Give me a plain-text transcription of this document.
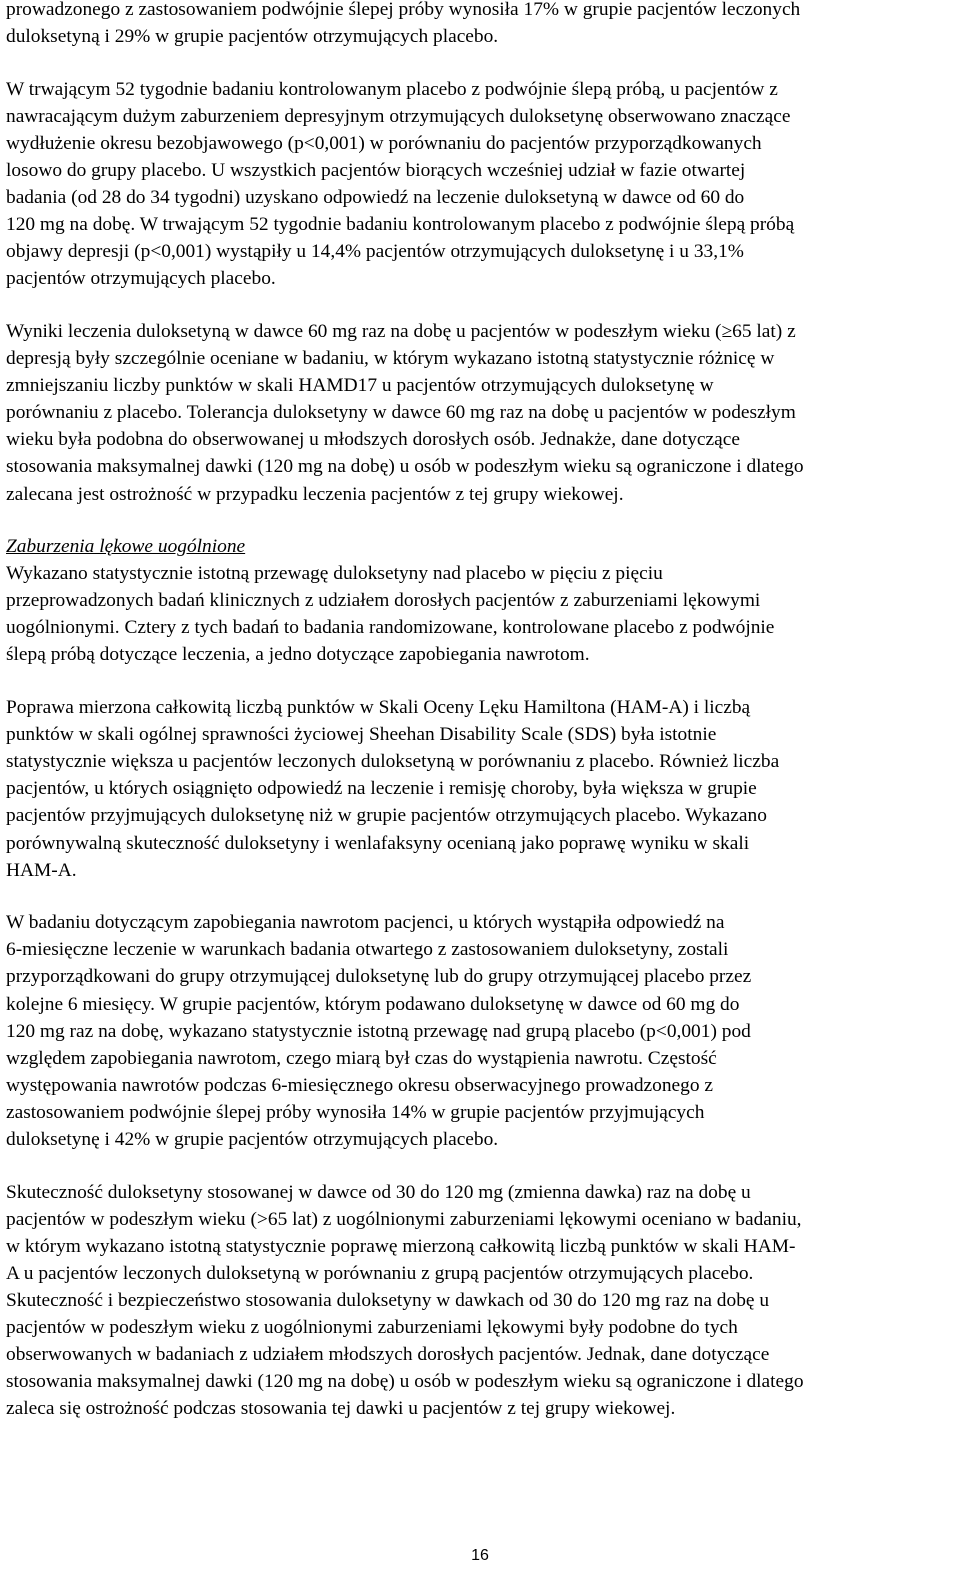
prowadzonego z zastosowaniem podwójnie ślepej próby wynosiła 17% w grupie pacjentów leczonych
duloksetyną i 29% w grupie pacjentów otrzymujących placebo.
W trwającym 52 tygodnie badaniu kontrolowanym placebo z podwójnie ślepą próbą, u pacjentów z
nawracającym dużym zaburzeniem depresyjnym otrzymujących duloksetynę obserwowano znaczące
wydłużenie okresu bezobjawowego (p<0,001) w porównaniu do pacjentów przyporządkowanych
losowo do grupy placebo. U wszystkich pacjentów biorących wcześniej udział w fazie otwartej
badania (od 28 do 34 tygodni) uzyskano odpowiedź na leczenie duloksetyną w dawce od 60 do
120 mg na dobę. W trwającym 52 tygodnie badaniu kontrolowanym placebo z podwójnie ślepą próbą
objawy depresji (p<0,001) wystąpiły u 14,4% pacjentów otrzymujących duloksetynę i u 33,1%
pacjentów otrzymujących placebo.
Wyniki leczenia duloksetyną w dawce 60 mg raz na dobę u pacjentów w podeszłym wieku (≥65 lat) z
depresją były szczególnie oceniane w badaniu, w którym wykazano istotną statystycznie różnicę w
zmniejszaniu liczby punktów w skali HAMD17 u pacjentów otrzymujących duloksetynę w
porównaniu z placebo. Tolerancja duloksetyny w dawce 60 mg raz na dobę u pacjentów w podeszłym
wieku była podobna do obserwowanej u młodszych dorosłych osób. Jednakże, dane dotyczące
stosowania maksymalnej dawki (120 mg na dobę) u osób w podeszłym wieku są ograniczone i dlatego
zalecana jest ostrożność w przypadku leczenia pacjentów z tej grupy wiekowej.
Zaburzenia lękowe uogólnione
Wykazano statystycznie istotną przewagę duloksetyny nad placebo w pięciu z pięciu
przeprowadzonych badań klinicznych z udziałem dorosłych pacjentów z zaburzeniami lękowymi
uogólnionymi. Cztery z tych badań to badania randomizowane, kontrolowane placebo z podwójnie
ślepą próbą dotyczące leczenia, a jedno dotyczące zapobiegania nawrotom.
Poprawa mierzona całkowitą liczbą punktów w Skali Oceny Lęku Hamiltona (HAM-A) i liczbą
punktów w skali ogólnej sprawności życiowej Sheehan Disability Scale (SDS) była istotnie
statystycznie większa u pacjentów leczonych duloksetyną w porównaniu z placebo. Również liczba
pacjentów, u których osiągnięto odpowiedź na leczenie i remisję choroby, była większa w grupie
pacjentów przyjmujących duloksetynę niż w grupie pacjentów otrzymujących placebo. Wykazano
porównywalną skuteczność duloksetyny i wenlafaksyny ocenianą jako poprawę wyniku w skali
HAM-A.
W badaniu dotyczącym zapobiegania nawrotom pacjenci, u których wystąpiła odpowiedź na
6-miesięczne leczenie w warunkach badania otwartego z zastosowaniem duloksetyny, zostali
przyporządkowani do grupy otrzymującej duloksetynę lub do grupy otrzymującej placebo przez
kolejne 6 miesięcy. W grupie pacjentów, którym podawano duloksetynę w dawce od 60 mg do
120 mg raz na dobę, wykazano statystycznie istotną przewagę nad grupą placebo (p<0,001) pod
względem zapobiegania nawrotom, czego miarą był czas do wystąpienia nawrotu. Częstość
występowania nawrotów podczas 6-miesięcznego okresu obserwacyjnego prowadzonego z
zastosowaniem podwójnie ślepej próby wynosiła 14% w grupie pacjentów przyjmujących
duloksetynę i 42% w grupie pacjentów otrzymujących placebo.
Skuteczność duloksetyny stosowanej w dawce od 30 do 120 mg (zmienna dawka) raz na dobę u
pacjentów w podeszłym wieku (>65 lat) z uogólnionymi zaburzeniami lękowymi oceniano w badaniu,
w którym wykazano istotną statystycznie poprawę mierzoną całkowitą liczbą punktów w skali HAM-
A u pacjentów leczonych duloksetyną w porównaniu z grupą pacjentów otrzymujących placebo.
Skuteczność i bezpieczeństwo stosowania duloksetyny w dawkach od 30 do 120 mg raz na dobę u
pacjentów w podeszłym wieku z uogólnionymi zaburzeniami lękowymi były podobne do tych
obserwowanych w badaniach z udziałem młodszych dorosłych pacjentów. Jednak, dane dotyczące
stosowania maksymalnej dawki (120 mg na dobę) u osób w podeszłym wieku są ograniczone i dlatego
zaleca się ostrożność podczas stosowania tej dawki u pacjentów z tej grupy wiekowej.
16
